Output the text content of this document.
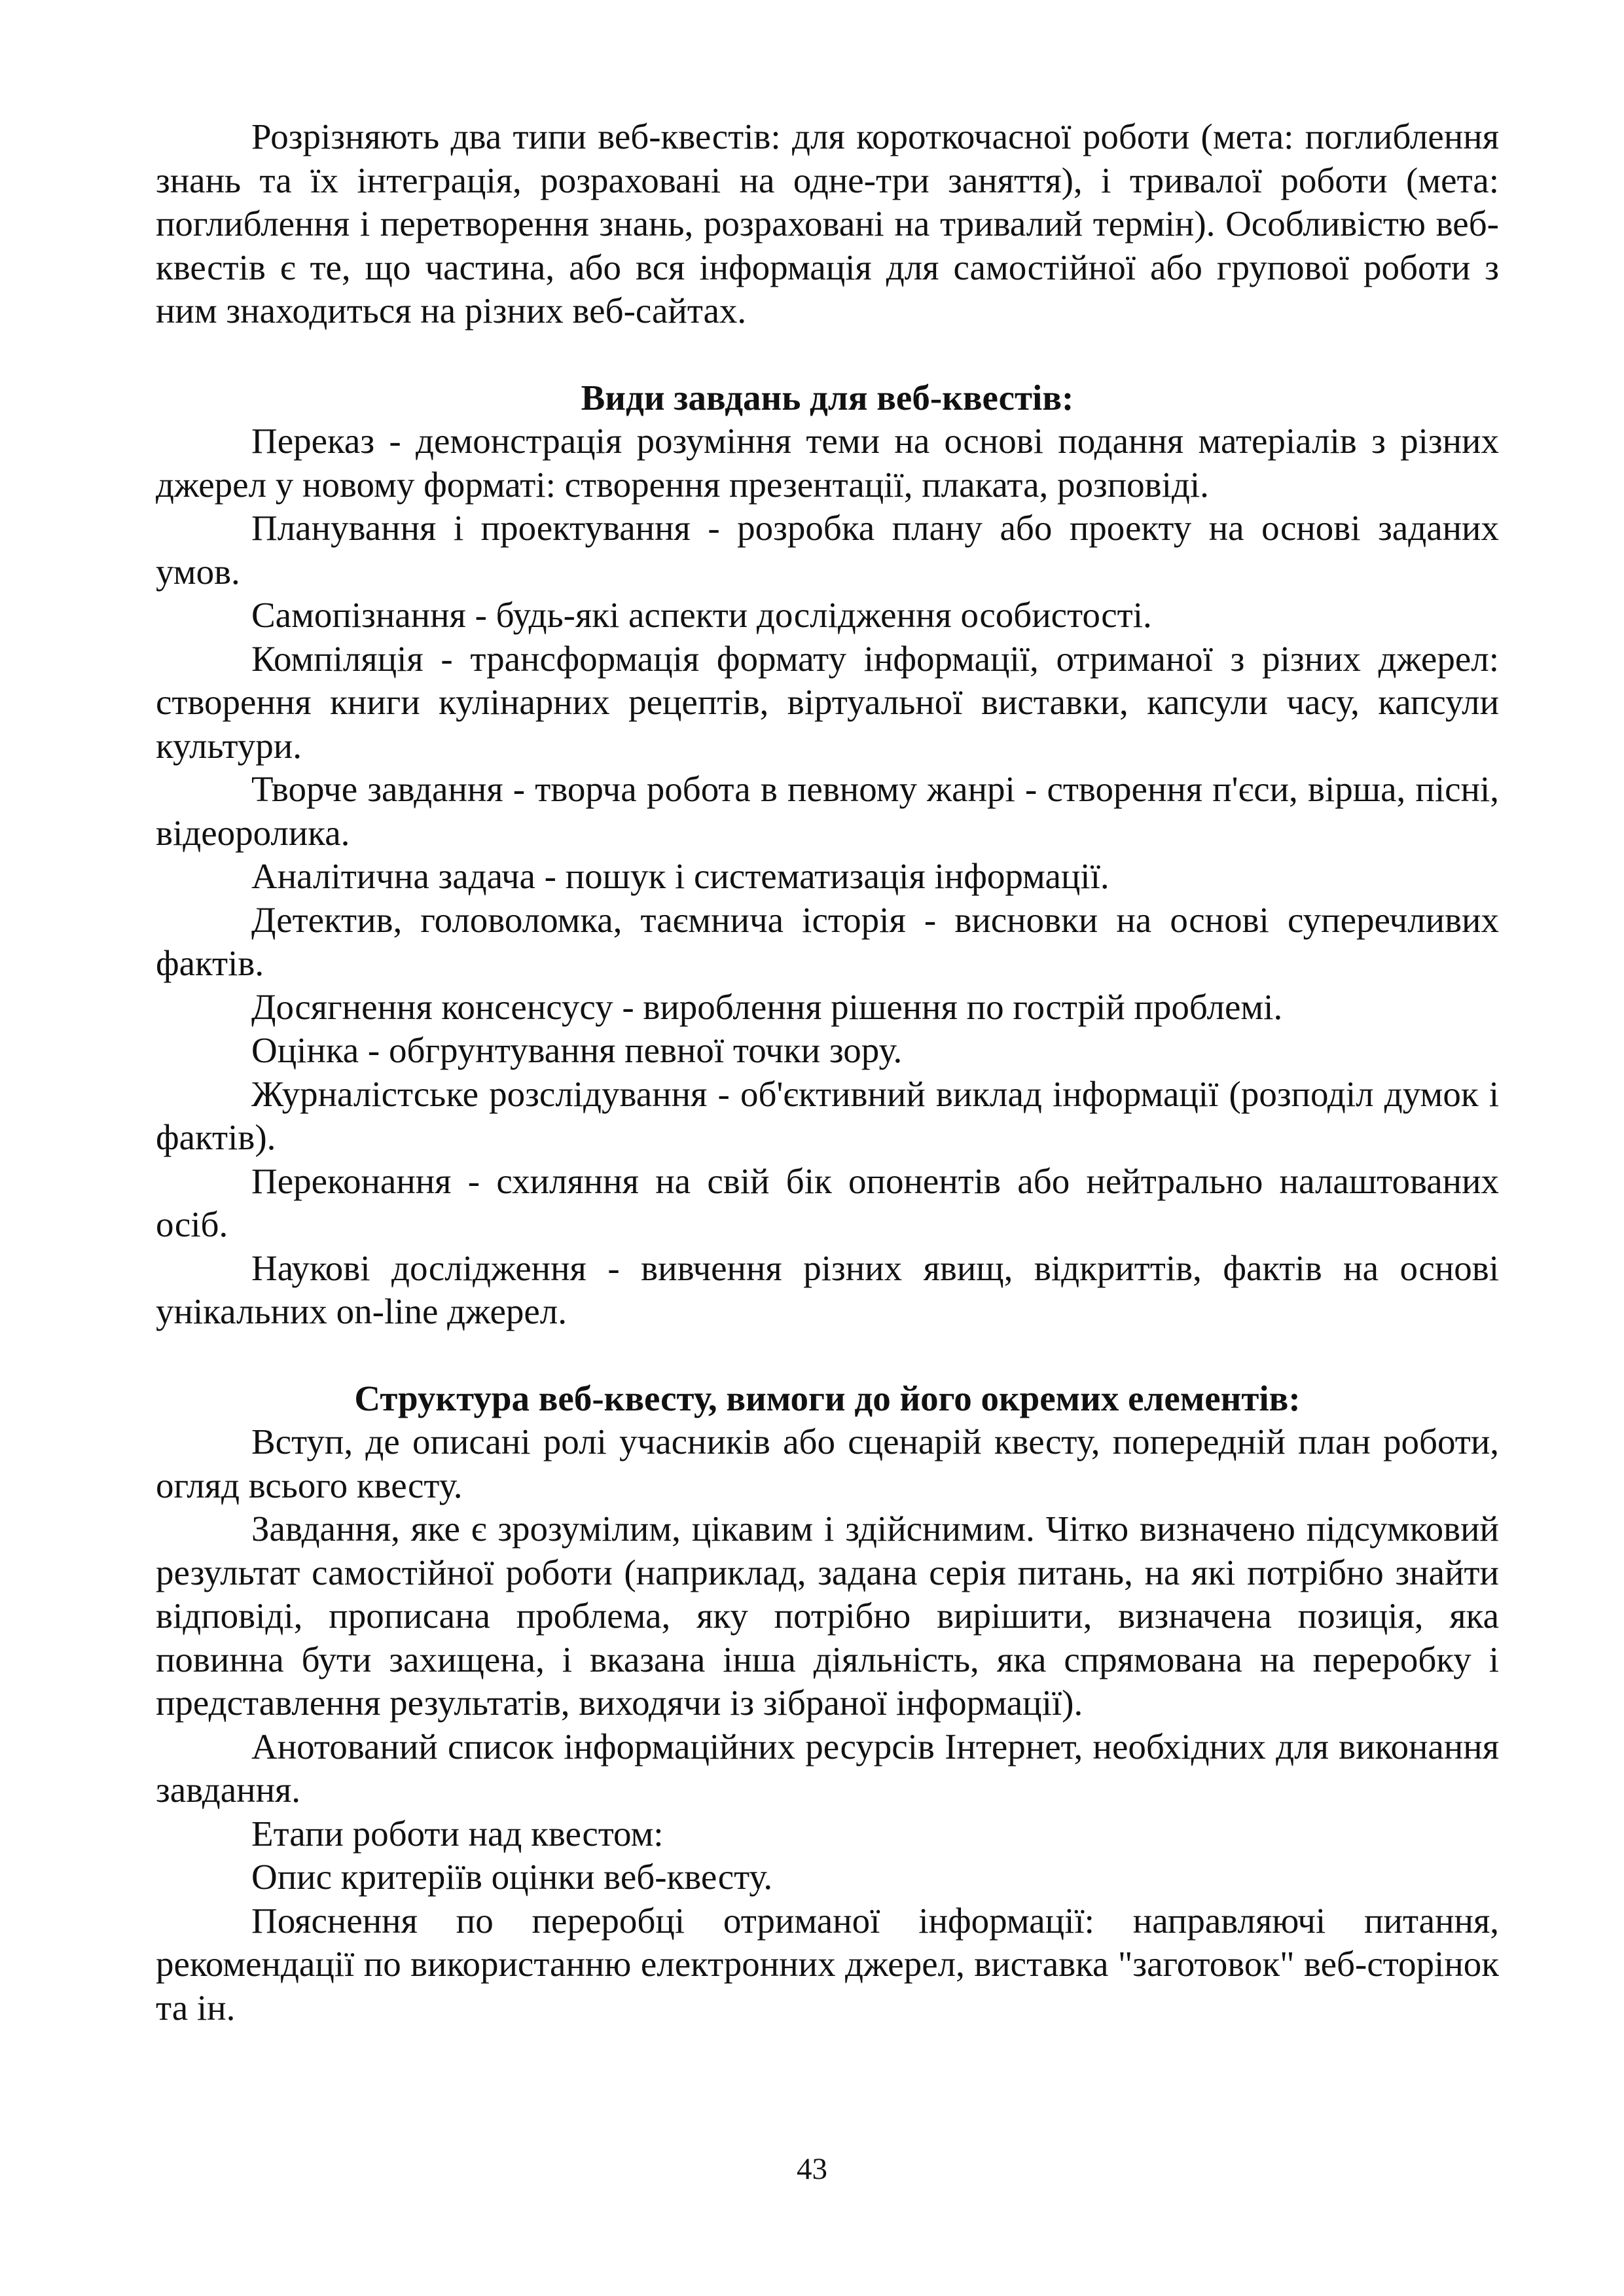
Розрізняють два типи веб-квестів: для короткочасної роботи (мета: поглиблення знань та їх інтеграція, розраховані на одне-три заняття), і тривалої роботи (мета: поглиблення і перетворення знань, розраховані на тривалий термін). Особливістю веб-квестів є те, що частина, або вся інформація для самостійної або групової роботи з ним знаходиться на різних веб-сайтах.

Види завдань для веб-квестів:

Переказ - демонстрація розуміння теми на основі подання матеріалів з різних джерел у новому форматі: створення презентації, плаката, розповіді.

Планування і проектування - розробка плану або проекту на основі заданих умов.

Самопізнання - будь-які аспекти дослідження особистості.

Компіляція - трансформація формату інформації, отриманої з різних джерел: створення книги кулінарних рецептів, віртуальної виставки, капсули часу, капсули культури.

Творче завдання - творча робота в певному жанрі - створення п'єси, вірша, пісні, відеоролика.

Аналітична задача - пошук і систематизація інформації.

Детектив, головоломка, таємнича історія - висновки на основі суперечливих фактів.

Досягнення консенсусу - вироблення рішення по гострій проблемі.

Оцінка - обгрунтування певної точки зору.

Журналістське розслідування - об'єктивний виклад інформації (розподіл думок і фактів).

Переконання - схиляння на свій бік опонентів або нейтрально налаштованих осіб.

Наукові дослідження - вивчення різних явищ, відкриттів, фактів на основі унікальних on-line джерел.

Структура веб-квесту, вимоги до його окремих елементів:

Вступ, де описані ролі учасників або сценарій квесту, попередній план роботи, огляд всього квесту.

Завдання, яке є зрозумілим, цікавим і здійснимим. Чітко визначено підсумковий результат самостійної роботи (наприклад, задана серія питань, на які потрібно знайти відповіді, прописана проблема, яку потрібно вирішити, визначена позиція, яка повинна бути захищена, і вказана інша діяльність, яка спрямована на переробку і представлення результатів, виходячи із зібраної інформації).

Анотований список інформаційних ресурсів Інтернет, необхідних для виконання завдання.

Етапи роботи над квестом:

Опис критеріїв оцінки веб-квесту.

Пояснення по переробці отриманої інформації: направляючі питання, рекомендації по використанню електронних джерел, виставка "заготовок" веб-сторінок та ін.

43
